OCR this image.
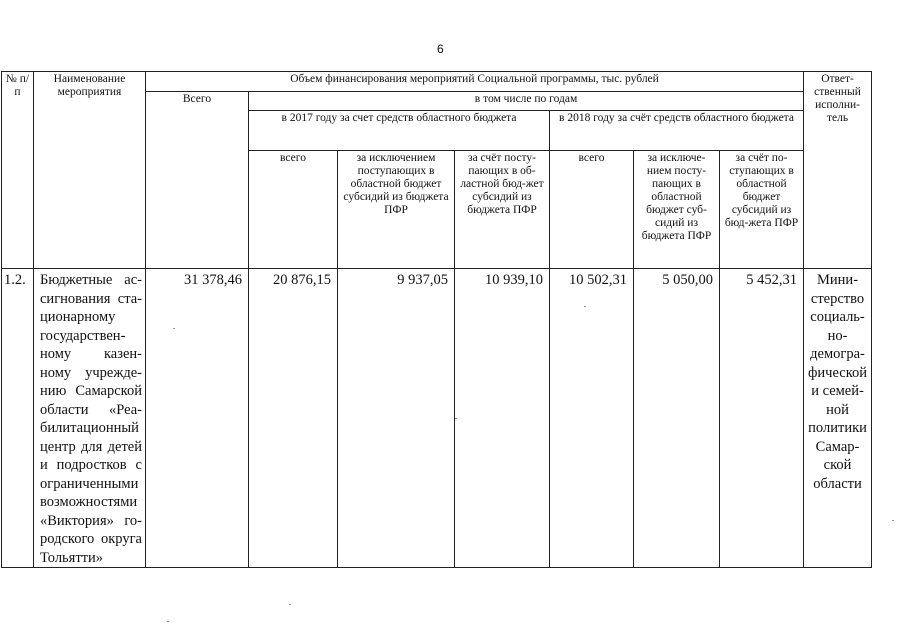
6
№ п/п	Наименование мероприятия	Объем финансирования мероприятий Социальной программы, тыс. рублей							Ответ-ственный исполни-тель
		Всего	в том числе по годам						
			в 2017 году за счет средств областного бюджета			в 2018 году за счёт средств областного бюджета			
			всего	за исключением поступающих в областной бюджет субсидий из бюджета ПФР	за счёт посту-пающих в об-ластной бюд-жет субсидий из бюджета ПФР	всего	за исключе-нием посту-пающих в областной бюджет суб-сидий из бюджета ПФР	за счёт по-ступающих в областной бюджет субсидий из бюд-жета ПФР	
1.2.	Бюджетные ас-сигнования ста-ционарному государствен-ному казен-ному учрежде-нию Самарской области «Реа-билитационный центр для детей и подростков с ограниченными возможностями «Виктория» го-родского округа Тольятти»	31 378,46	20 876,15	9 937,05	10 939,10	10 502,31	5 050,00	5 452,31	Мини-стерство социаль-но-демогра-фической и семей-ной политики Самар-ской области
